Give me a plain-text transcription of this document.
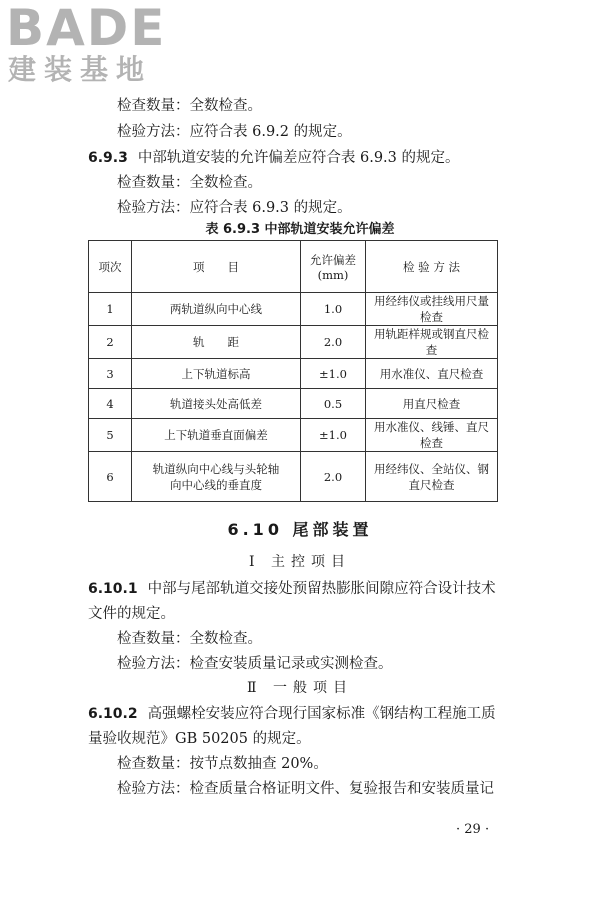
BADE
建装基地
检查数量：全数检查。
检验方法：应符合表 6.9.2 的规定。
6.9.3 中部轨道安装的允许偏差应符合表 6.9.3 的规定。
检查数量：全数检查。
检验方法：应符合表 6.9.3 的规定。
表 6.9.3 中部轨道安装允许偏差
项次	项　　目	允许偏差(mm)	检 验 方 法
1	两轨道纵向中心线	1.0	用经纬仪或挂线用尺量检查
2	轨　　距	2.0	用轨距样规或钢直尺检查
3	上下轨道标高	±1.0	用水准仪、直尺检查
4	轨道接头处高低差	0.5	用直尺检查
5	上下轨道垂直面偏差	±1.0	用水准仪、线锤、直尺检查
6	轨道纵向中心线与头轮轴向中心线的垂直度	2.0	用经纬仪、全站仪、钢直尺检查
6.10 尾部装置
Ⅰ 主控项目
6.10.1 中部与尾部轨道交接处预留热膨胀间隙应符合设计技术
文件的规定。
检查数量：全数检查。
检验方法：检查安装质量记录或实测检查。
Ⅱ 一般项目
6.10.2 高强螺栓安装应符合现行国家标准《钢结构工程施工质
量验收规范》GB 50205 的规定。
检查数量：按节点数抽查 20%。
检验方法：检查质量合格证明文件、复验报告和安装质量记
· 29 ·
